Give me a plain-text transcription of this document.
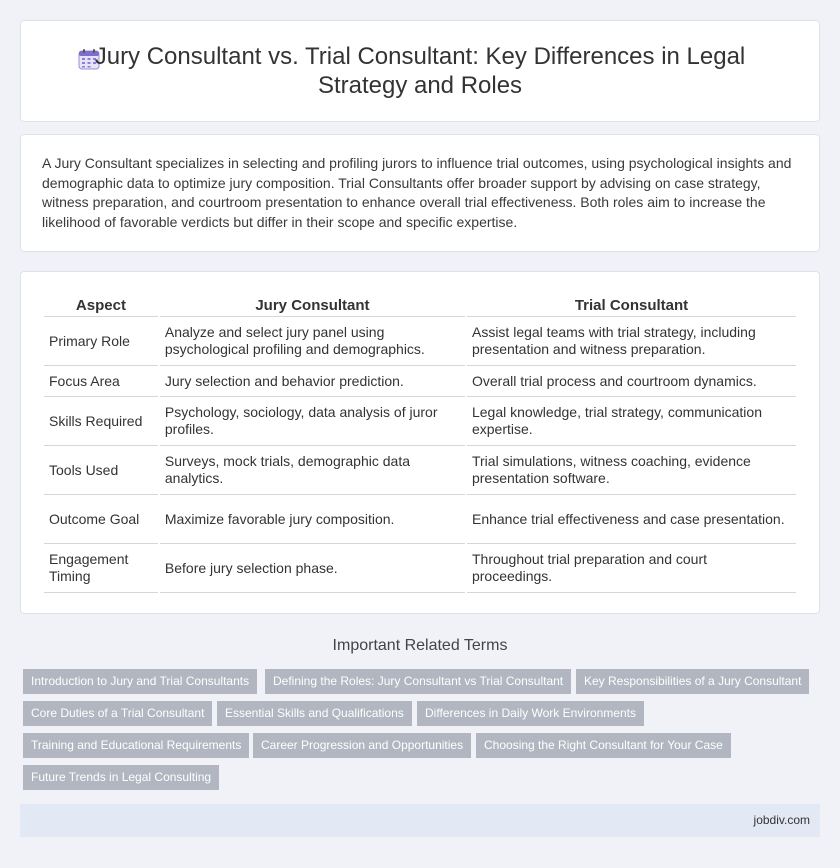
Jury Consultant vs. Trial Consultant: Key Differences in Legal Strategy and Roles

A Jury Consultant specializes in selecting and profiling jurors to influence trial outcomes, using psychological insights and demographic data to optimize jury composition. Trial Consultants offer broader support by advising on case strategy, witness preparation, and courtroom presentation to enhance overall trial effectiveness. Both roles aim to increase the likelihood of favorable verdicts but differ in their scope and specific expertise.

Aspect	Jury Consultant	Trial Consultant
Primary Role	Analyze and select jury panel using psychological profiling and demographics.	Assist legal teams with trial strategy, including presentation and witness preparation.
Focus Area	Jury selection and behavior prediction.	Overall trial process and courtroom dynamics.
Skills Required	Psychology, sociology, data analysis of juror profiles.	Legal knowledge, trial strategy, communication expertise.
Tools Used	Surveys, mock trials, demographic data analytics.	Trial simulations, witness coaching, evidence presentation software.
Outcome Goal	Maximize favorable jury composition.	Enhance trial effectiveness and case presentation.
Engagement Timing	Before jury selection phase.	Throughout trial preparation and court proceedings.
Important Related Terms
Introduction to Jury and Trial Consultants	Defining the Roles: Jury Consultant vs Trial Consultant	Key Responsibilities of a Jury Consultant
Core Duties of a Trial Consultant	Essential Skills and Qualifications	Differences in Daily Work Environments
Training and Educational Requirements	Career Progression and Opportunities	Choosing the Right Consultant for Your Case
Future Trends in Legal Consulting
jobdiv.com
